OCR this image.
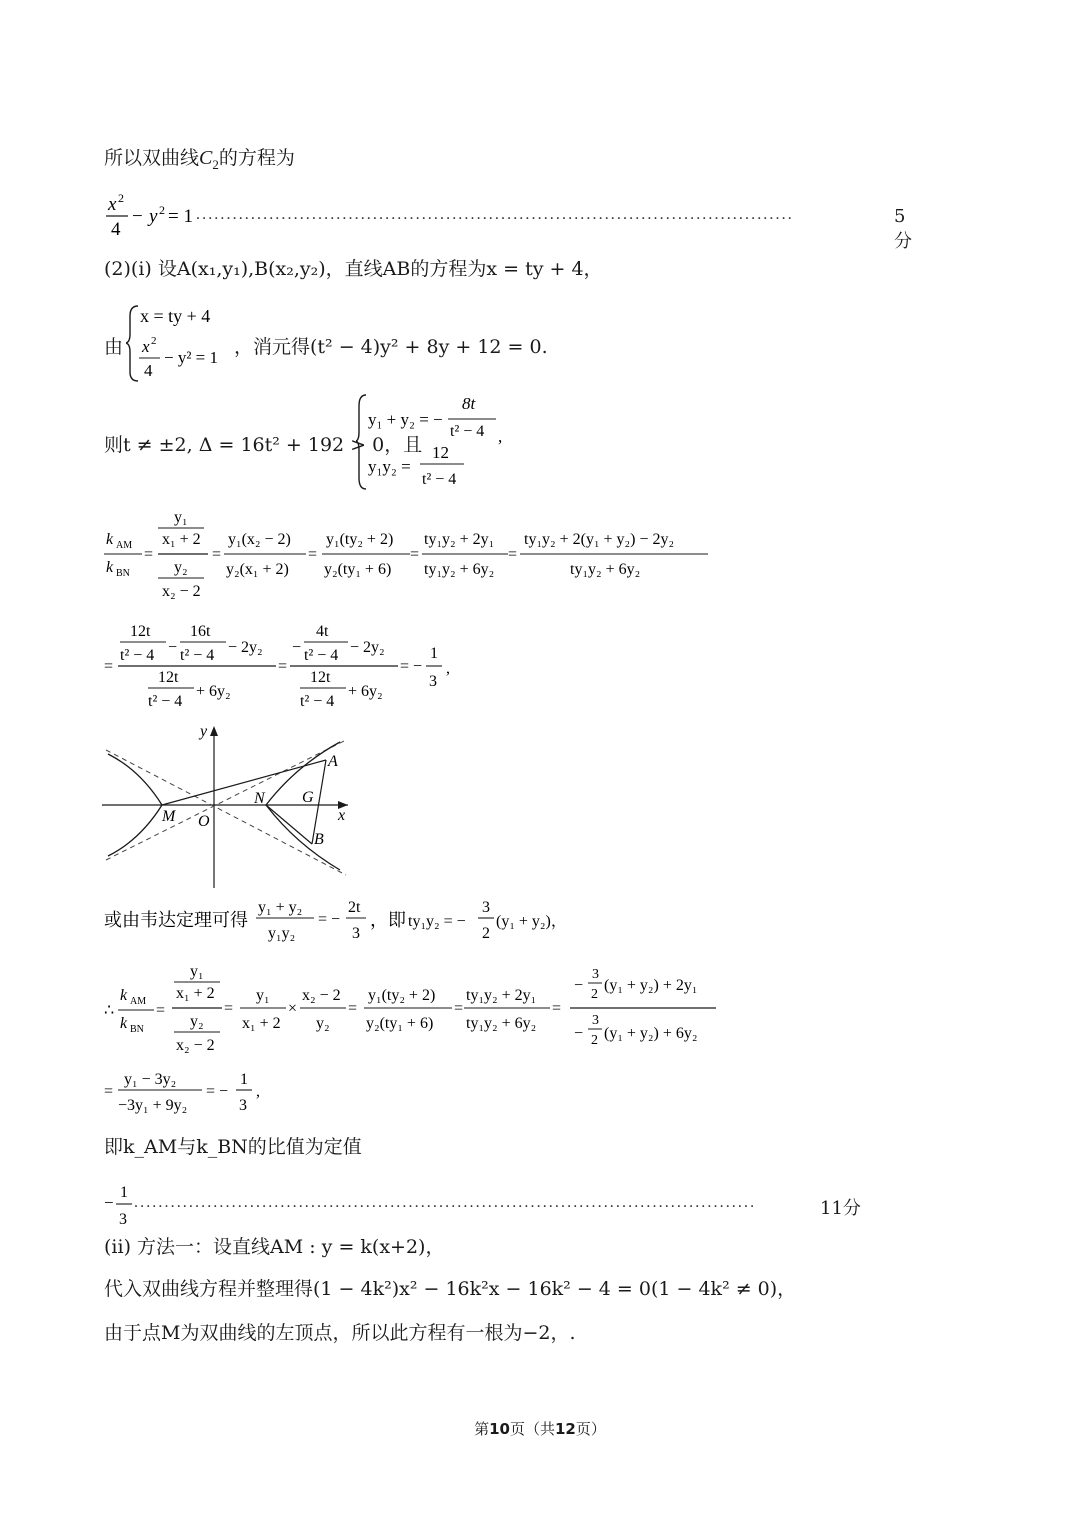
所以双曲线$C_2$的方程为
x 2
4
− y 2 = 1 ..................................................................................................	5分
(2)(i) 设A(x₁,y₁),B(x₂,y₂)，直线AB的方程为x = ty + 4，
由
x = ty + 4
x 2
4
− y² = 1 ，消元得(t² − 4)y² + 8y + 12 = 0.
则t ≠ ±2, Δ = 16t² + 192 > 0，且
y₁ + y₂ = −
8t
t² − 4
y₁y₂ =
12
t² − 4
,
k AM
k BN
=
y₁
x₁ + 2
y₂
x₂ − 2
=
y₁(x₂ − 2)
y₂(x₁ + 2)
=
y₁(ty₂ + 2)
y₂(ty₁ + 6)
=
ty₁y₂ + 2y₁
ty₁y₂ + 6y₂
=
ty₁y₂ + 2(y₁ + y₂) − 2y₂
ty₁y₂ + 6y₂
=
12t
t² − 4 −
16t
t² − 4 − 2y₂
12t
t² − 4
+ 6y₂
=
−
4t
t² − 4 − 2y₂
12t
t² − 4
+ 6y₂
= −
1
3
,
y
x
A
G
N
M O
B
或由韦达定理可得
y₁ + y₂
y₁y₂
= −
2t
3
，即 ty₁y₂ = −
3
2
(y₁ + y₂)，
∴
k AM
k BN
=
y₁
x₁ + 2
y₂
x₂ − 2
=
y₁
x₁ + 2
×
x₂ − 2
y₂
=
y₁(ty₂ + 2)
y₂(ty₁ + 6)
=
ty₁y₂ + 2y₁
ty₁y₂ + 6y₂
=
−
3
2
(y₁ + y₂) + 2y₁
−
3
2 (y₁ + y₂) + 6y₂
=
y₁ − 3y₂
−3y₁ + 9y₂
= −
1
3
,
即k_AM与k_BN的比值为定值
−
1
3
......................................................................................................	11分
(ii) 方法一：设直线AM : y = k(x+2)，
代入双曲线方程并整理得(1 − 4k²)x² − 16k²x − 16k² − 4 = 0(1 − 4k² ≠ 0)，
由于点M为双曲线的左顶点，所以此方程有一根为−2，.
第10页（共12页）
